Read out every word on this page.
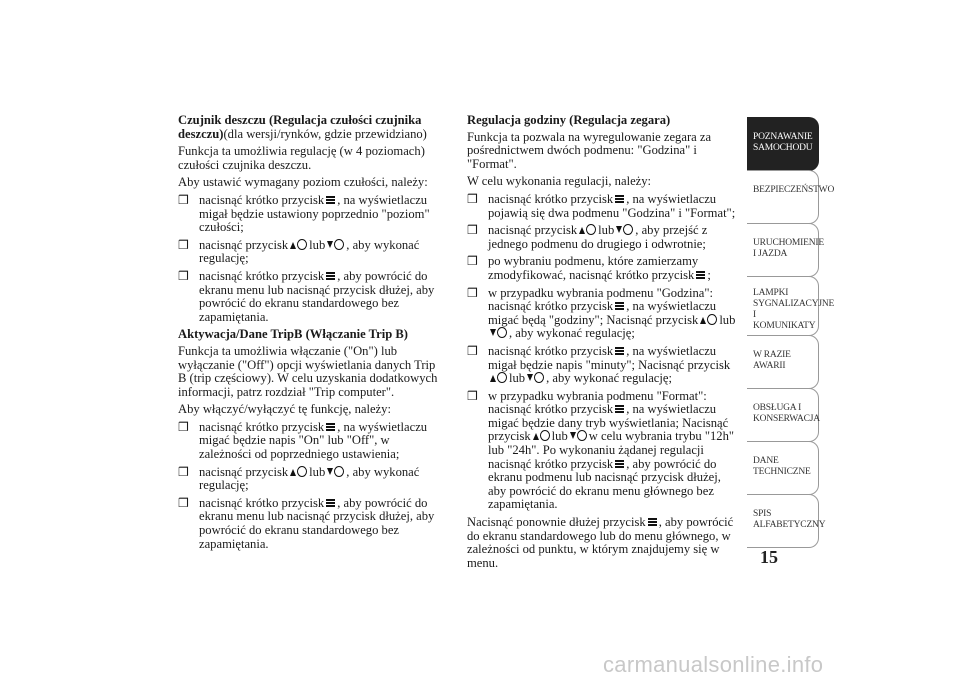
Czujnik deszczu (Regulacja czułości czujnika deszczu)(dla wersji/rynków, gdzie przewidziano)

Funkcja ta umożliwia regulację (w 4 poziomach) czułości czujnika deszczu.

Aby ustawić wymagany poziom czułości, należy:

❒ nacisnąć krótko przycisk , na wyświetlaczu migał będzie ustawiony poprzednio "poziom" czułości;
❒ nacisnąć przycisk lub , aby wykonać regulację;
❒ nacisnąć krótko przycisk , aby powrócić do ekranu menu lub nacisnąć przycisk dłużej, aby powrócić do ekranu standardowego bez zapamiętania.
Aktywacja/Dane TripB (Włączanie Trip B)

Funkcja ta umożliwia włączanie ("On") lub wyłączanie ("Off") opcji wyświetlania danych Trip B (trip częściowy). W celu uzyskania dodatkowych informacji, patrz rozdział "Trip computer".

Aby włączyć/wyłączyć tę funkcję, należy:

❒ nacisnąć krótko przycisk , na wyświetlaczu migać będzie napis "On" lub "Off", w zależności od poprzedniego ustawienia;
❒ nacisnąć przycisk lub , aby wykonać regulację;
❒ nacisnąć krótko przycisk , aby powrócić do ekranu menu lub nacisnąć przycisk dłużej, aby powrócić do ekranu standardowego bez zapamiętania.
Regulacja godziny (Regulacja zegara)

Funkcja ta pozwala na wyregulowanie zegara za pośrednictwem dwóch podmenu: "Godzina" i "Format".

W celu wykonania regulacji, należy:

❒ nacisnąć krótko przycisk , na wyświetlaczu pojawią się dwa podmenu "Godzina" i "Format";
❒ nacisnąć przycisk lub , aby przejść z jednego podmenu do drugiego i odwrotnie;
❒ po wybraniu podmenu, które zamierzamy zmodyfikować, nacisnąć krótko przycisk ;
❒ w przypadku wybrania podmenu "Godzina": nacisnąć krótko przycisk , na wyświetlaczu migać będą "godziny"; Nacisnąć przycisk lub, aby wykonać regulację;
❒ nacisnąć krótko przycisk , na wyświetlaczu migał będzie napis "minuty"; Nacisnąć przycisklub , aby wykonać regulację;
❒ w przypadku wybrania podmenu "Format": nacisnąć krótko przycisk , na wyświetlaczu migać będzie dany tryb wyświetlania; Nacisnąć przycisk lub w celu wybrania trybu "12h" lub "24h". Po wykonaniu żądanej regulacji nacisnąć krótko przycisk , aby powrócić do ekranu podmenu lub nacisnąć przycisk dłużej, aby powrócić do ekranu menu głównego bez zapamiętania.

Nacisnąć ponownie dłużej przycisk , aby powrócić do ekranu standardowego lub do menu głównego, w zależności od punktu, w którym znajdujemy się w menu.

POZNAWANIE SAMOCHODU
BEZPIECZEŃSTWO
URUCHOMIENIE I JAZDA
LAMPKI SYGNALIZACYJNE I KOMUNIKATY
W RAZIE AWARII
OBSŁUGA I KONSERWACJA
DANE TECHNICZNE
SPIS ALFABETYCZNY
15
carmanualsonline.info
